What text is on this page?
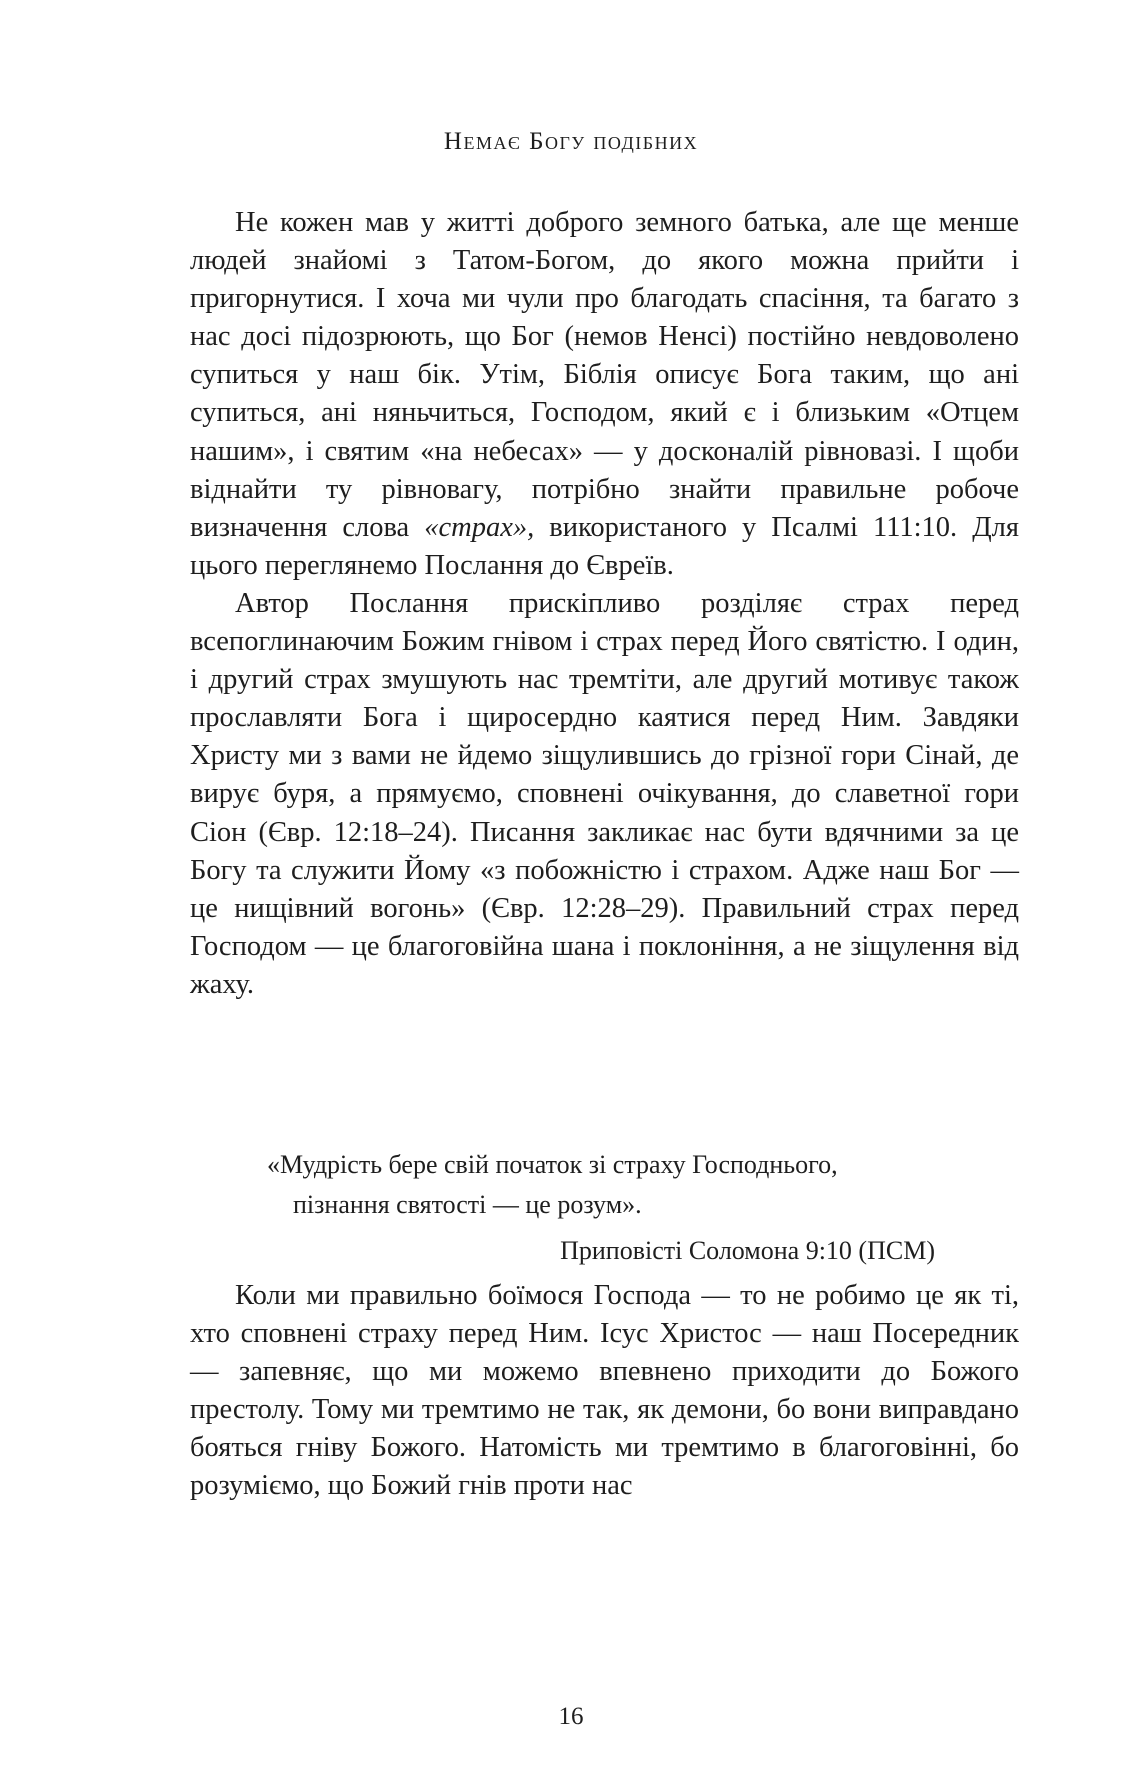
Немає Богу подібних

Не кожен мав у житті доброго земного батька, але ще менше людей знайомі з Татом-Богом, до якого можна прийти і пригорнутися. І хоча ми чули про благодать спасіння, та багато з нас досі підозрюють, що Бог (немов Ненсі) постійно невдоволено супиться у наш бік. Утім, Біблія описує Бога таким, що ані супиться, ані няньчиться, Господом, який є і близьким «Отцем нашим», і святим «на небесах» — у досконалій рівновазі. І щоби віднайти ту рівновагу, потрібно знайти правильне робоче визначення слова «страх», використаного у Псалмі 111:10. Для цього переглянемо Послання до Євреїв.

Автор Послання прискіпливо розділяє страх перед всепоглинаючим Божим гнівом і страх перед Його святістю. І один, і другий страх змушують нас тремтіти, але другий мотивує також прославляти Бога і щиросердно каятися перед Ним. Завдяки Христу ми з вами не йдемо зіщулившись до грізної гори Сінай, де вирує буря, а прямуємо, сповнені очікування, до славетної гори Сіон (Євр. 12:18–24). Писання закликає нас бути вдячними за це Богу та служити Йому «з побожністю і страхом. Адже наш Бог — це нищівний вогонь» (Євр. 12:28–29). Правильний страх перед Господом — це благоговійна шана і поклоніння, а не зіщулення від жаху.

«Мудрість бере свій початок зі страху Господнього,
пізнання святості — це розум».
Приповісті Соломона 9:10 (ПСМ)

Коли ми правильно боїмося Господа — то не робимо це як ті, хто сповнені страху перед Ним. Ісус Христос — наш Посередник — запевняє, що ми можемо впевнено приходити до Божого престолу. Тому ми тремтимо не так, як демони, бо вони виправдано бояться гніву Божого. Натомість ми тремтимо в благоговінні, бо розуміємо, що Божий гнів проти нас

16
